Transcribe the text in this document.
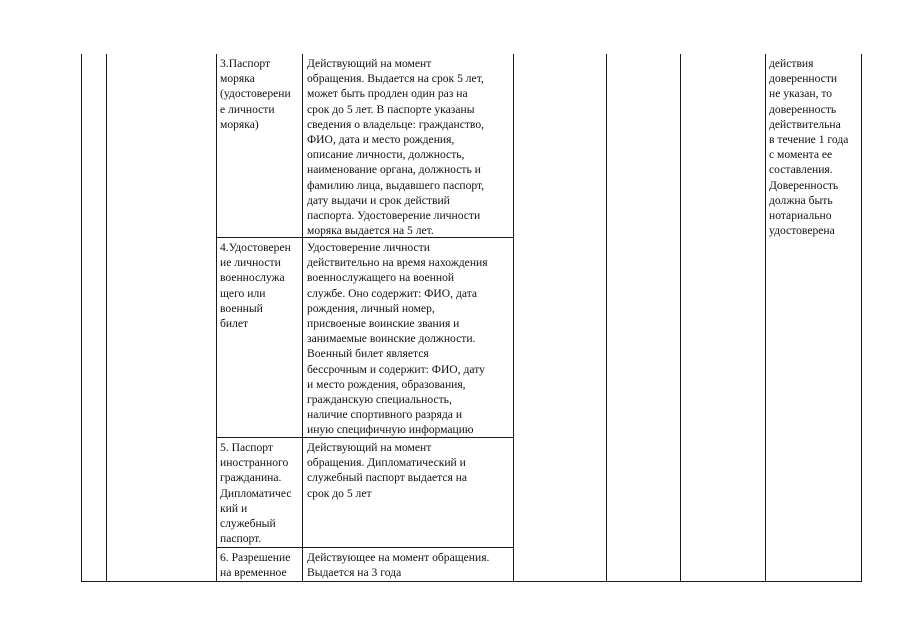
3.Паспорт
моряка
(удостоверени
е личности
моряка)
Действующий на момент
обращения. Выдается на срок 5 лет,
может быть продлен один раз на
срок до 5 лет. В паспорте указаны
сведения о владельце: гражданство,
ФИО, дата и место рождения,
описание личности, должность,
наименование органа, должность и
фамилию лица, выдавшего паспорт,
дату выдачи и срок действий
паспорта. Удостоверение личности
моряка выдается на 5 лет.
4.Удостоверен
ие личности
военнослужа
щего или
военный
билет
Удостоверение личности
действительно на время нахождения
военнослужащего на военной
службе. Оно содержит: ФИО, дата
рождения, личный номер,
присвоеные воинские звания и
занимаемые воинские должности.
Военный билет является
бессрочным и содержит: ФИО, дату
и место рождения, образования,
гражданскую специальность,
наличие спортивного разряда и
иную специфичную информацию
5. Паспорт
иностранного
гражданина.
Дипломатичес
кий и
служебный
паспорт.
Действующий на момент
обращения. Дипломатический и
служебный паспорт выдается на
срок до 5 лет
6. Разрешение
на временное
Действующее на момент обращения.
Выдается на 3 года
действия
доверенности
не указан, то
доверенность
действительна
в течение 1 года
с момента ее
составления.
Доверенность
должна быть
нотариально
удостоверена
